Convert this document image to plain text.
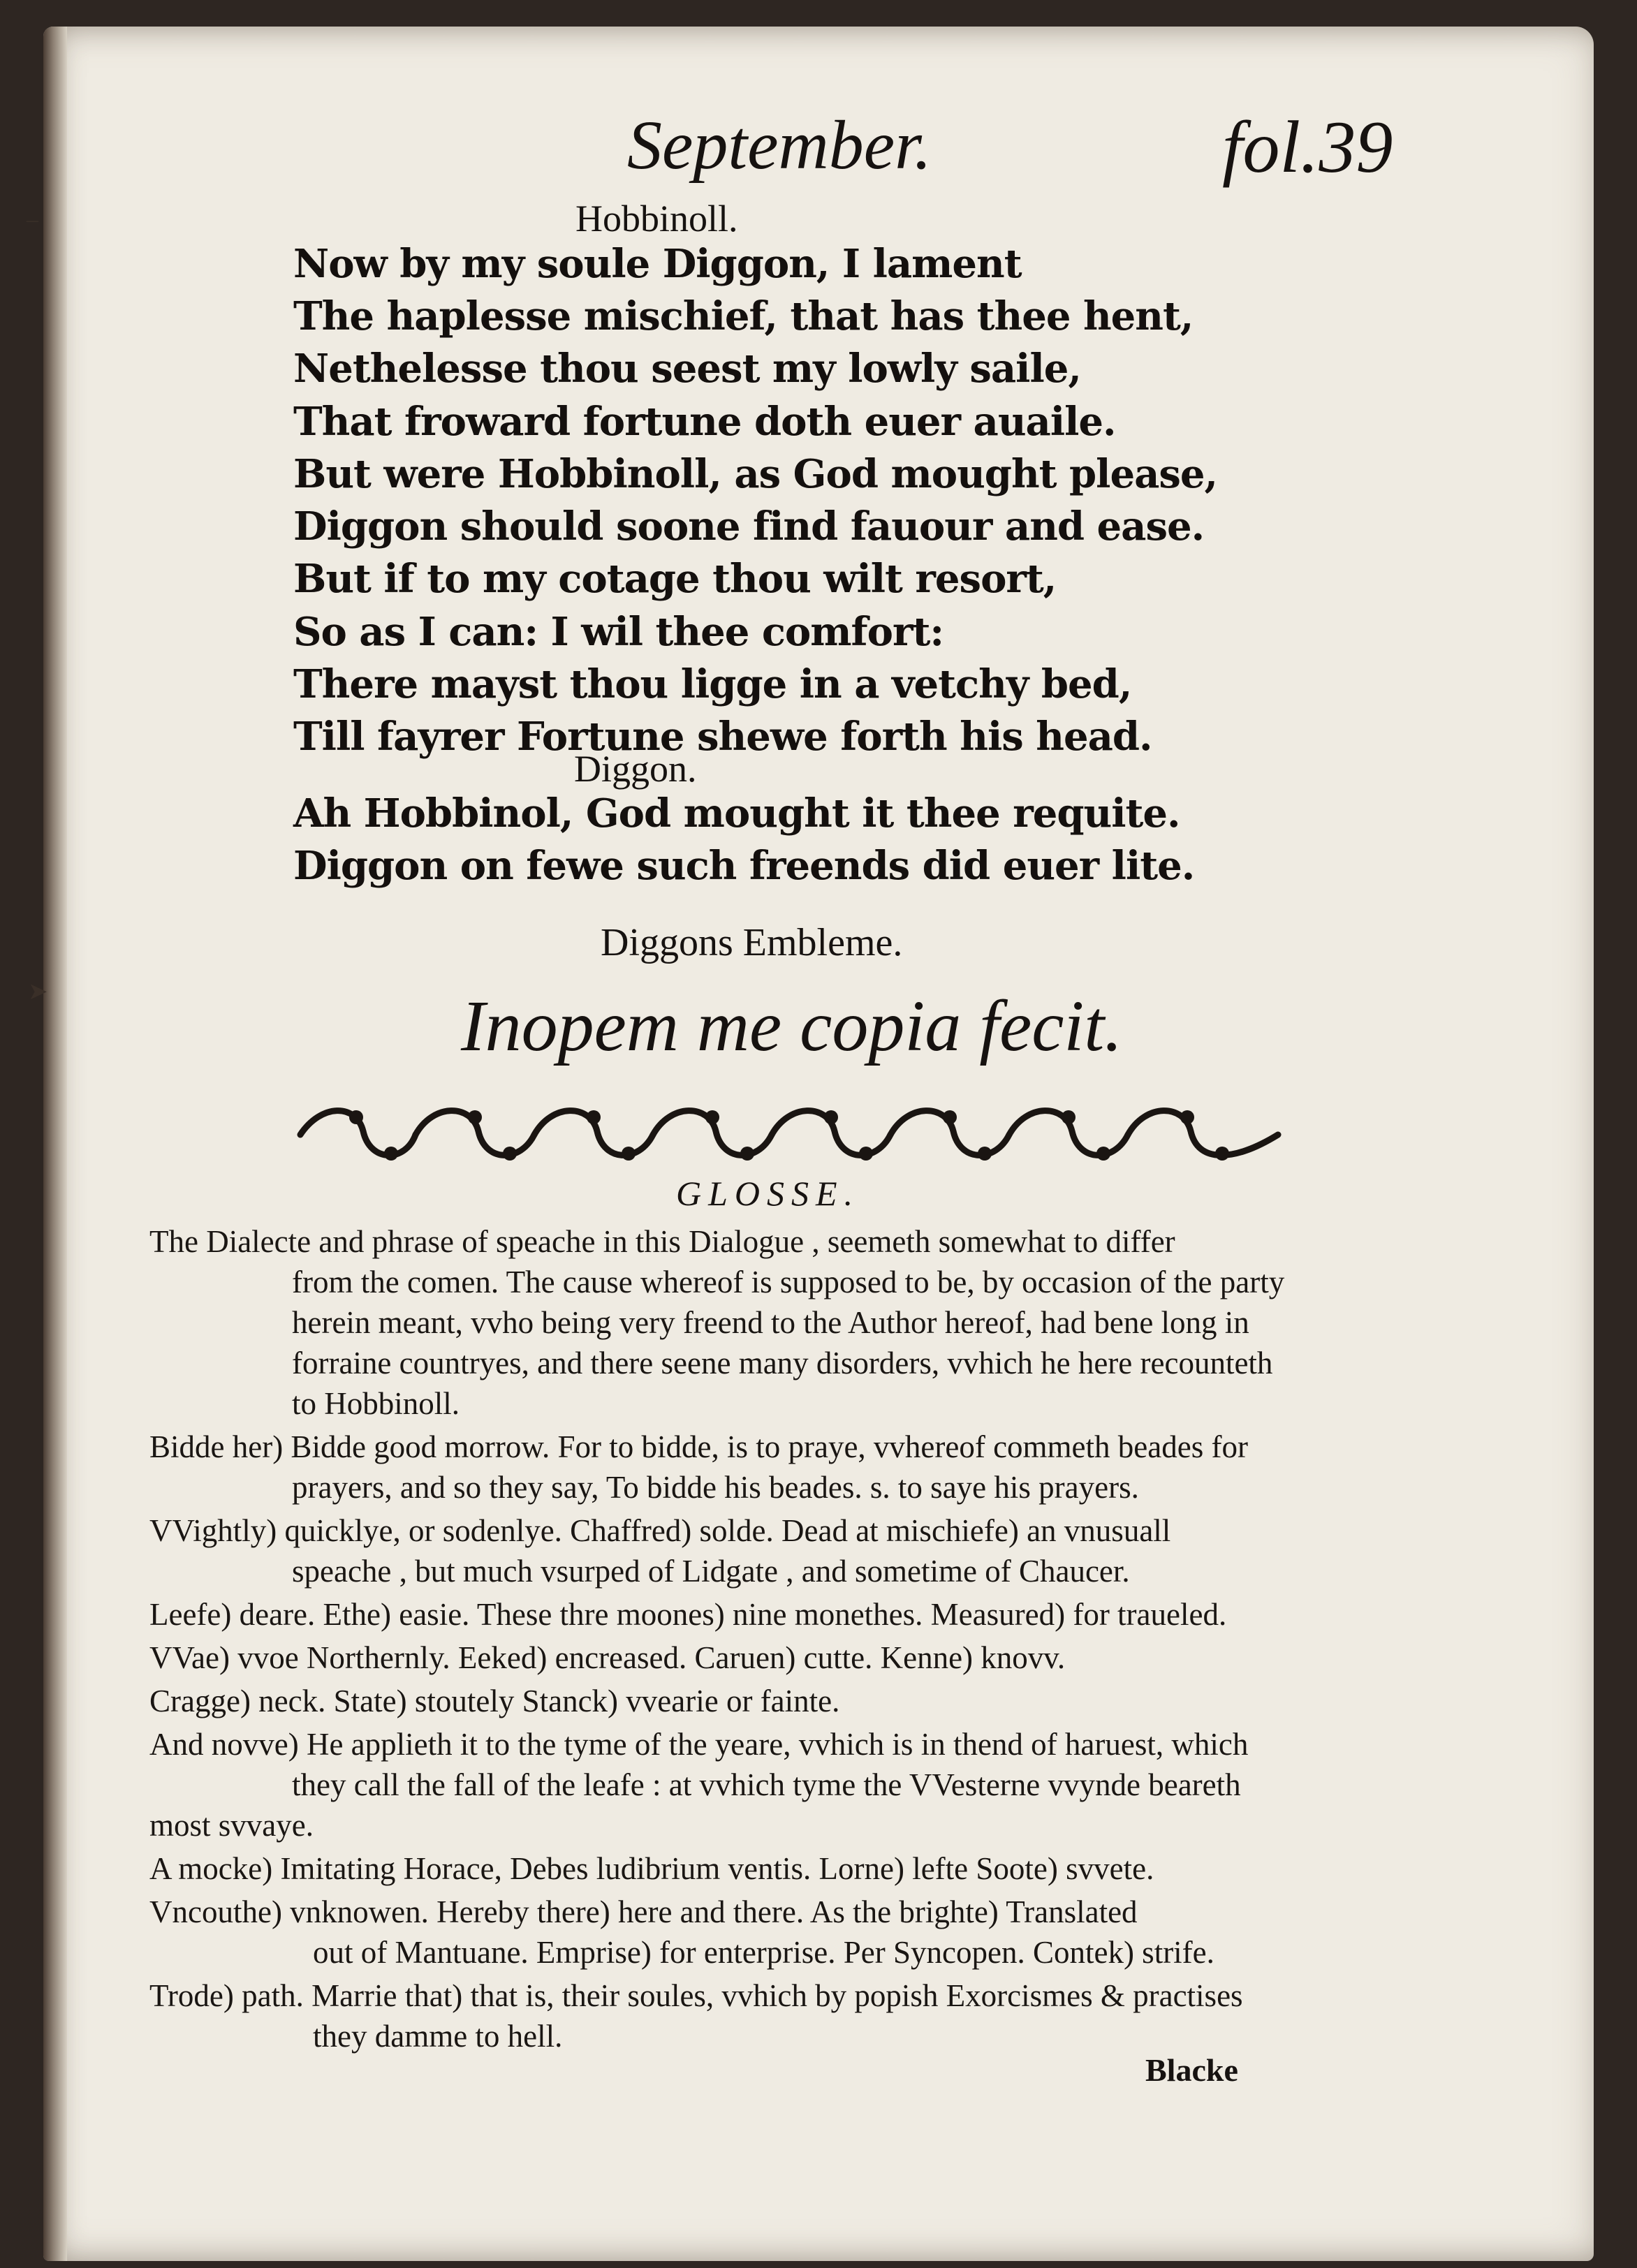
–
➤
September.	fol.39
Hobbinoll.
Now by my soule Diggon, I lament
The haplesse mischief, that has thee hent,
Nethelesse thou seest my lowly saile,
That froward fortune doth euer auaile.
But were Hobbinoll, as God mought please,
Diggon should soone find fauour and ease.
But if to my cotage thou wilt resort,
So as I can: I wil thee comfort:
There mayst thou ligge in a vetchy bed,
Till fayrer Fortune shewe forth his head.
Diggon.
Ah Hobbinol, God mought it thee requite.
Diggon on fewe such freends did euer lite.
Diggons Embleme.
Inopem me copia fecit.
GLOSSE.
The Dialecte and phrase of speache in this Dialogue , seemeth somewhat to differ
from the comen. The cause whereof is supposed to be, by occasion of the party
herein meant, vvho being very freend to the Author hereof, had bene long in
forraine countryes, and there seene many disorders, vvhich he here recounteth
to Hobbinoll.
Bidde her) Bidde good morrow. For to bidde, is to praye, vvhereof commeth beades for
prayers, and so they say, To bidde his beades. s. to saye his prayers.
VVightly) quicklye, or sodenlye. Chaffred) solde. Dead at mischiefe) an vnusuall
speache , but much vsurped of Lidgate , and sometime of Chaucer.
Leefe) deare. Ethe) easie. These thre moones) nine monethes. Measured) for traueled.
VVae) vvoe Northernly. Eeked) encreased. Caruen) cutte. Kenne) knovv.
Cragge) neck. State) stoutely Stanck) vvearie or fainte.
And novve) He applieth it to the tyme of the yeare, vvhich is in thend of haruest, which
they call the fall of the leafe : at vvhich tyme the VVesterne vvynde beareth
most svvaye.
A mocke) Imitating Horace, Debes ludibrium ventis. Lorne) lefte Soote) svvete.
Vncouthe) vnknowen. Hereby there) here and there. As the brighte) Translated
out of Mantuane. Emprise) for enterprise. Per Syncopen. Contek) strife.
Trode) path. Marrie that) that is, their soules, vvhich by popish Exorcismes & practises
they damme to hell.
Blacke
